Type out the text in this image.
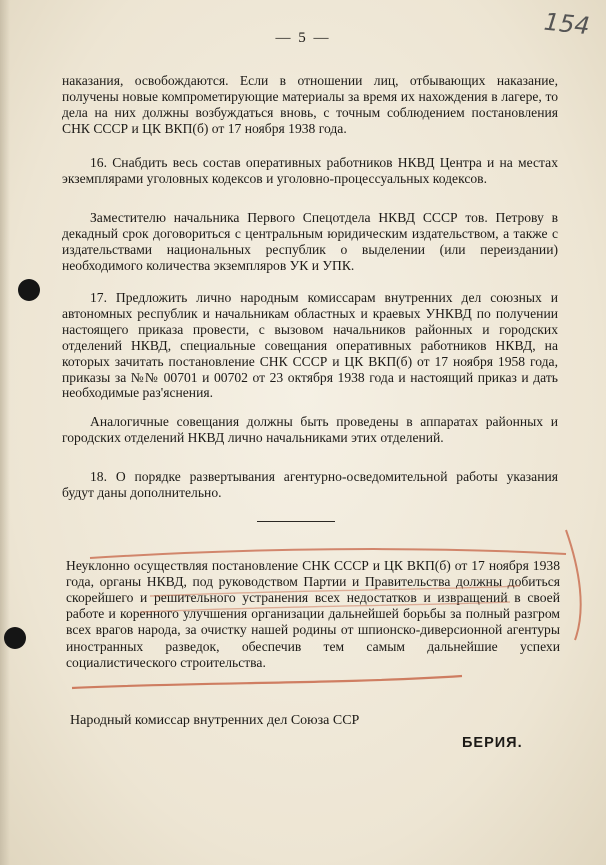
— 5 —	154

наказания, освобождаются. Если в отношении лиц, отбывающих наказание, получены новые компрометирующие материалы за время их нахождения в лагере, то дела на них должны возбуждаться вновь, с точным соблюдением постановления СНК СССР и ЦК ВКП(б) от 17 ноября 1938 года.

16. Снабдить весь состав оперативных работников НКВД Центра и на местах экземплярами уголовных кодексов и уголовно-процессуальных кодексов.

Заместителю начальника Первого Спецотдела НКВД СССР тов. Петрову в декадный срок договориться с центральным юридическим издательством, а также с издательствами национальных республик о выделении (или переиздании) необходимого количества экземпляров УК и УПК.

17. Предложить лично народным комиссарам внутренних дел союзных и автономных республик и начальникам областных и краевых УНКВД по получении настоящего приказа провести, с вызовом начальников районных и городских отделений НКВД, специальные совещания оперативных работников НКВД, на которых зачитать постановление СНК СССР и ЦК ВКП(б) от 17 ноября 1958 года, приказы за №№ 00701 и 00702 от 23 октября 1938 года и настоящий приказ и дать необходимые раз'яснения.

Аналогичные совещания должны быть проведены в аппаратах районных и городских отделений НКВД лично начальниками этих отделений.

18. О порядке развертывания агентурно-осведомительной работы указания будут даны дополнительно.

Неуклонно осуществляя постановление СНК СССР и ЦК ВКП(б) от 17 ноября 1938 года, органы НКВД, под руководством Партии и Правительства должны добиться скорейшего и решительного устранения всех недостатков и извращений в своей работе и коренного улучшения организации дальнейшей борьбы за полный разгром всех врагов народа, за очистку нашей родины от шпионско-диверсионной агентуры иностранных разведок, обеспечив тем самым дальнейшие успехи социалистического строительства.

Народный комиссар внутренних дел Союза ССР
БЕРИЯ.
